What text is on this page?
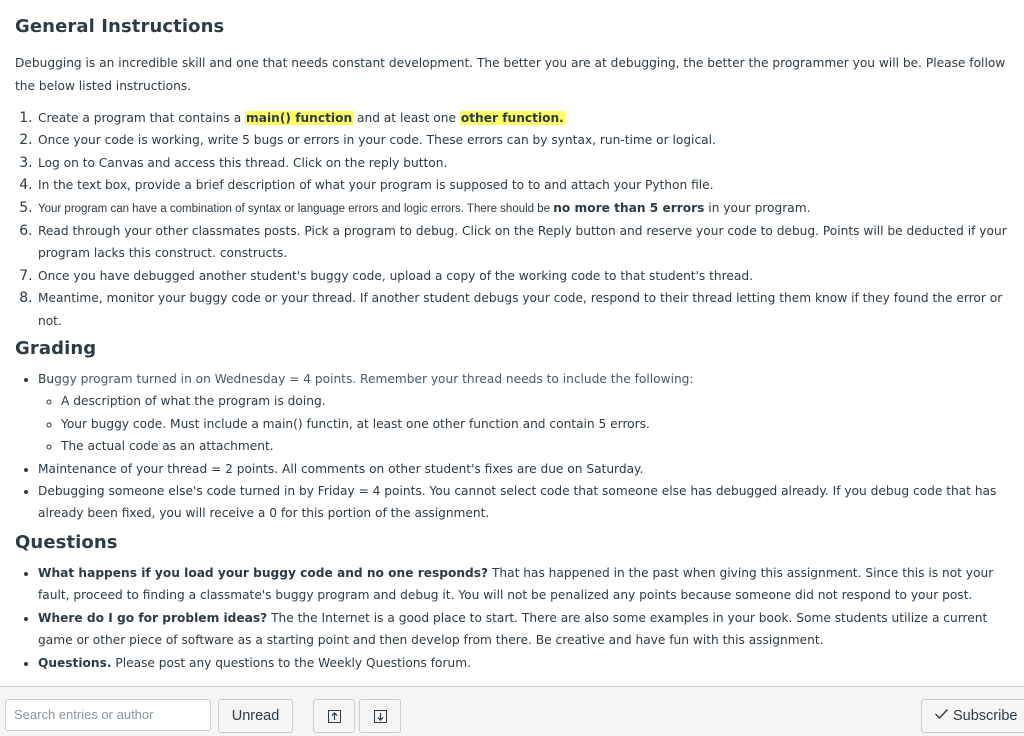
General Instructions

Debugging is an incredible skill and one that needs constant development. The better you are at debugging, the better the programmer you will be. Please follow the below listed instructions.

1. Create a program that contains a main() function and at least one other function.
2. Once your code is working, write 5 bugs or errors in your code. These errors can by syntax, run-time or logical.
3. Log on to Canvas and access this thread. Click on the reply button.
4. In the text box, provide a brief description of what your program is supposed to to and attach your Python file.
5. Your program can have a combination of syntax or language errors and logic errors. There should be no more than 5 errors in your program.
6. Read through your other classmates posts. Pick a program to debug. Click on the Reply button and reserve your code to debug. Points will be deducted if your program lacks this construct. constructs.
7. Once you have debugged another student's buggy code, upload a copy of the working code to that student's thread.
8. Meantime, monitor your buggy code or your thread. If another student debugs your code, respond to their thread letting them know if they found the error or not.
Grading
• Buggy program turned in on Wednesday = 4 points. Remember your thread needs to include the following:
◦ A description of what the program is doing.
◦ Your buggy code. Must include a main() functin, at least one other function and contain 5 errors.
◦ The actual code as an attachment.
• Maintenance of your thread = 2 points. All comments on other student's fixes are due on Saturday.
• Debugging someone else's code turned in by Friday = 4 points. You cannot select code that someone else has debugged already. If you debug code that has already been fixed, you will receive a 0 for this portion of the assignment.
Questions
• What happens if you load your buggy code and no one responds? That has happened in the past when giving this assignment. Since this is not your fault, proceed to finding a classmate's buggy program and debug it. You will not be penalized any points because someone did not respond to your post.
• Where do I go for problem ideas? The the Internet is a good place to start. There are also some examples in your book. Some students utilize a current game or other piece of software as a starting point and then develop from there. Be creative and have fun with this assignment.
• Questions. Please post any questions to the Weekly Questions forum.
Search entries or author	Unread	Subscribe
